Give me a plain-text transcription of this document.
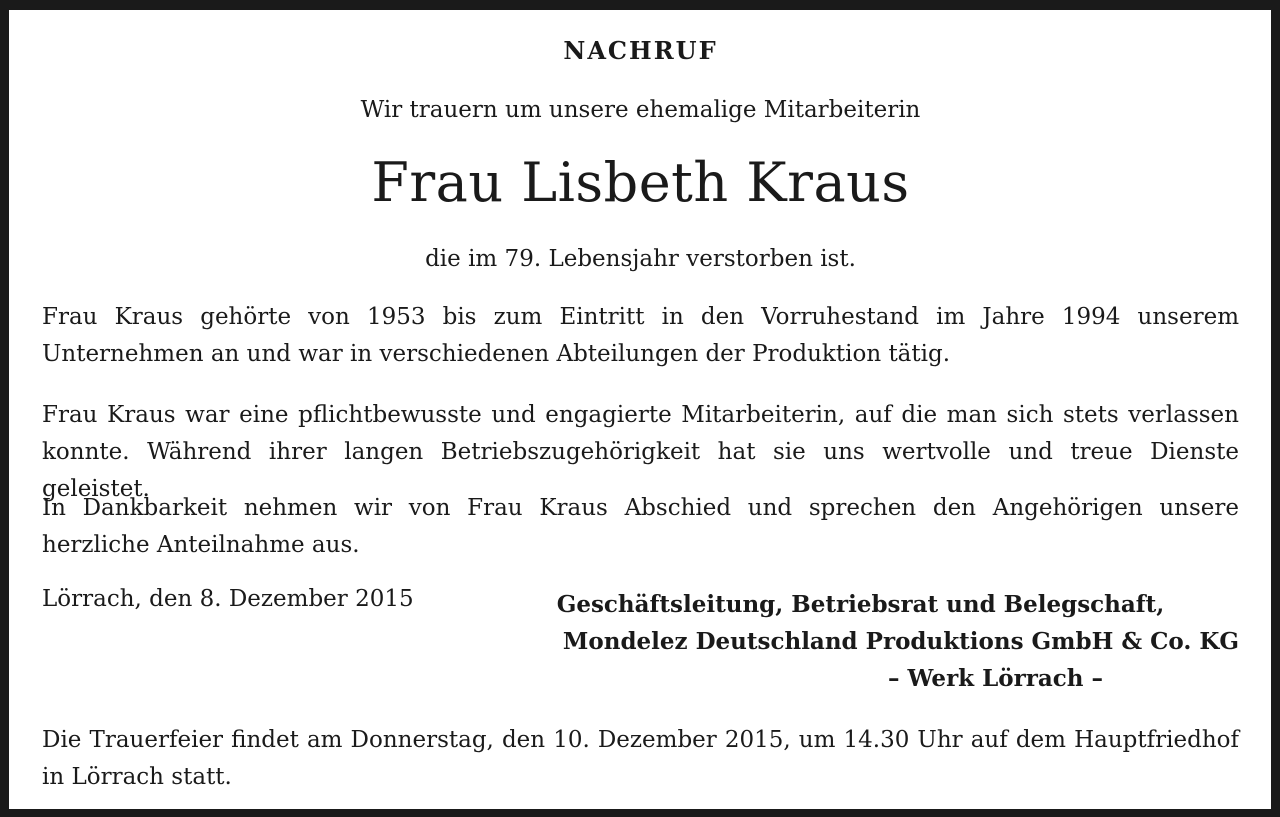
NACHRUF
Wir trauern um unsere ehemalige Mitarbeiterin
Frau Lisbeth Kraus
die im 79. Lebensjahr verstorben ist.
Frau Kraus gehörte von 1953 bis zum Eintritt in den Vorruhestand im Jahre 1994 unserem Unternehmen an und war in verschiedenen Abteilungen der Produktion tätig.
Frau Kraus war eine pflichtbewusste und engagierte Mitarbeiterin, auf die man sich stets verlassen konnte. Während ihrer langen Betriebszugehörigkeit hat sie uns wertvolle und treue Dienste geleistet.
In Dankbarkeit nehmen wir von Frau Kraus Abschied und sprechen den Angehörigen unsere herzliche Anteilnahme aus.
Lörrach, den 8. Dezember 2015	Geschäftsleitung, Betriebsrat und Belegschaft,
Mondelez Deutschland Produktions GmbH & Co. KG
– Werk Lörrach –
Die Trauerfeier findet am Donnerstag, den 10. Dezember 2015, um 14.30 Uhr auf dem Hauptfriedhof in Lörrach statt.
